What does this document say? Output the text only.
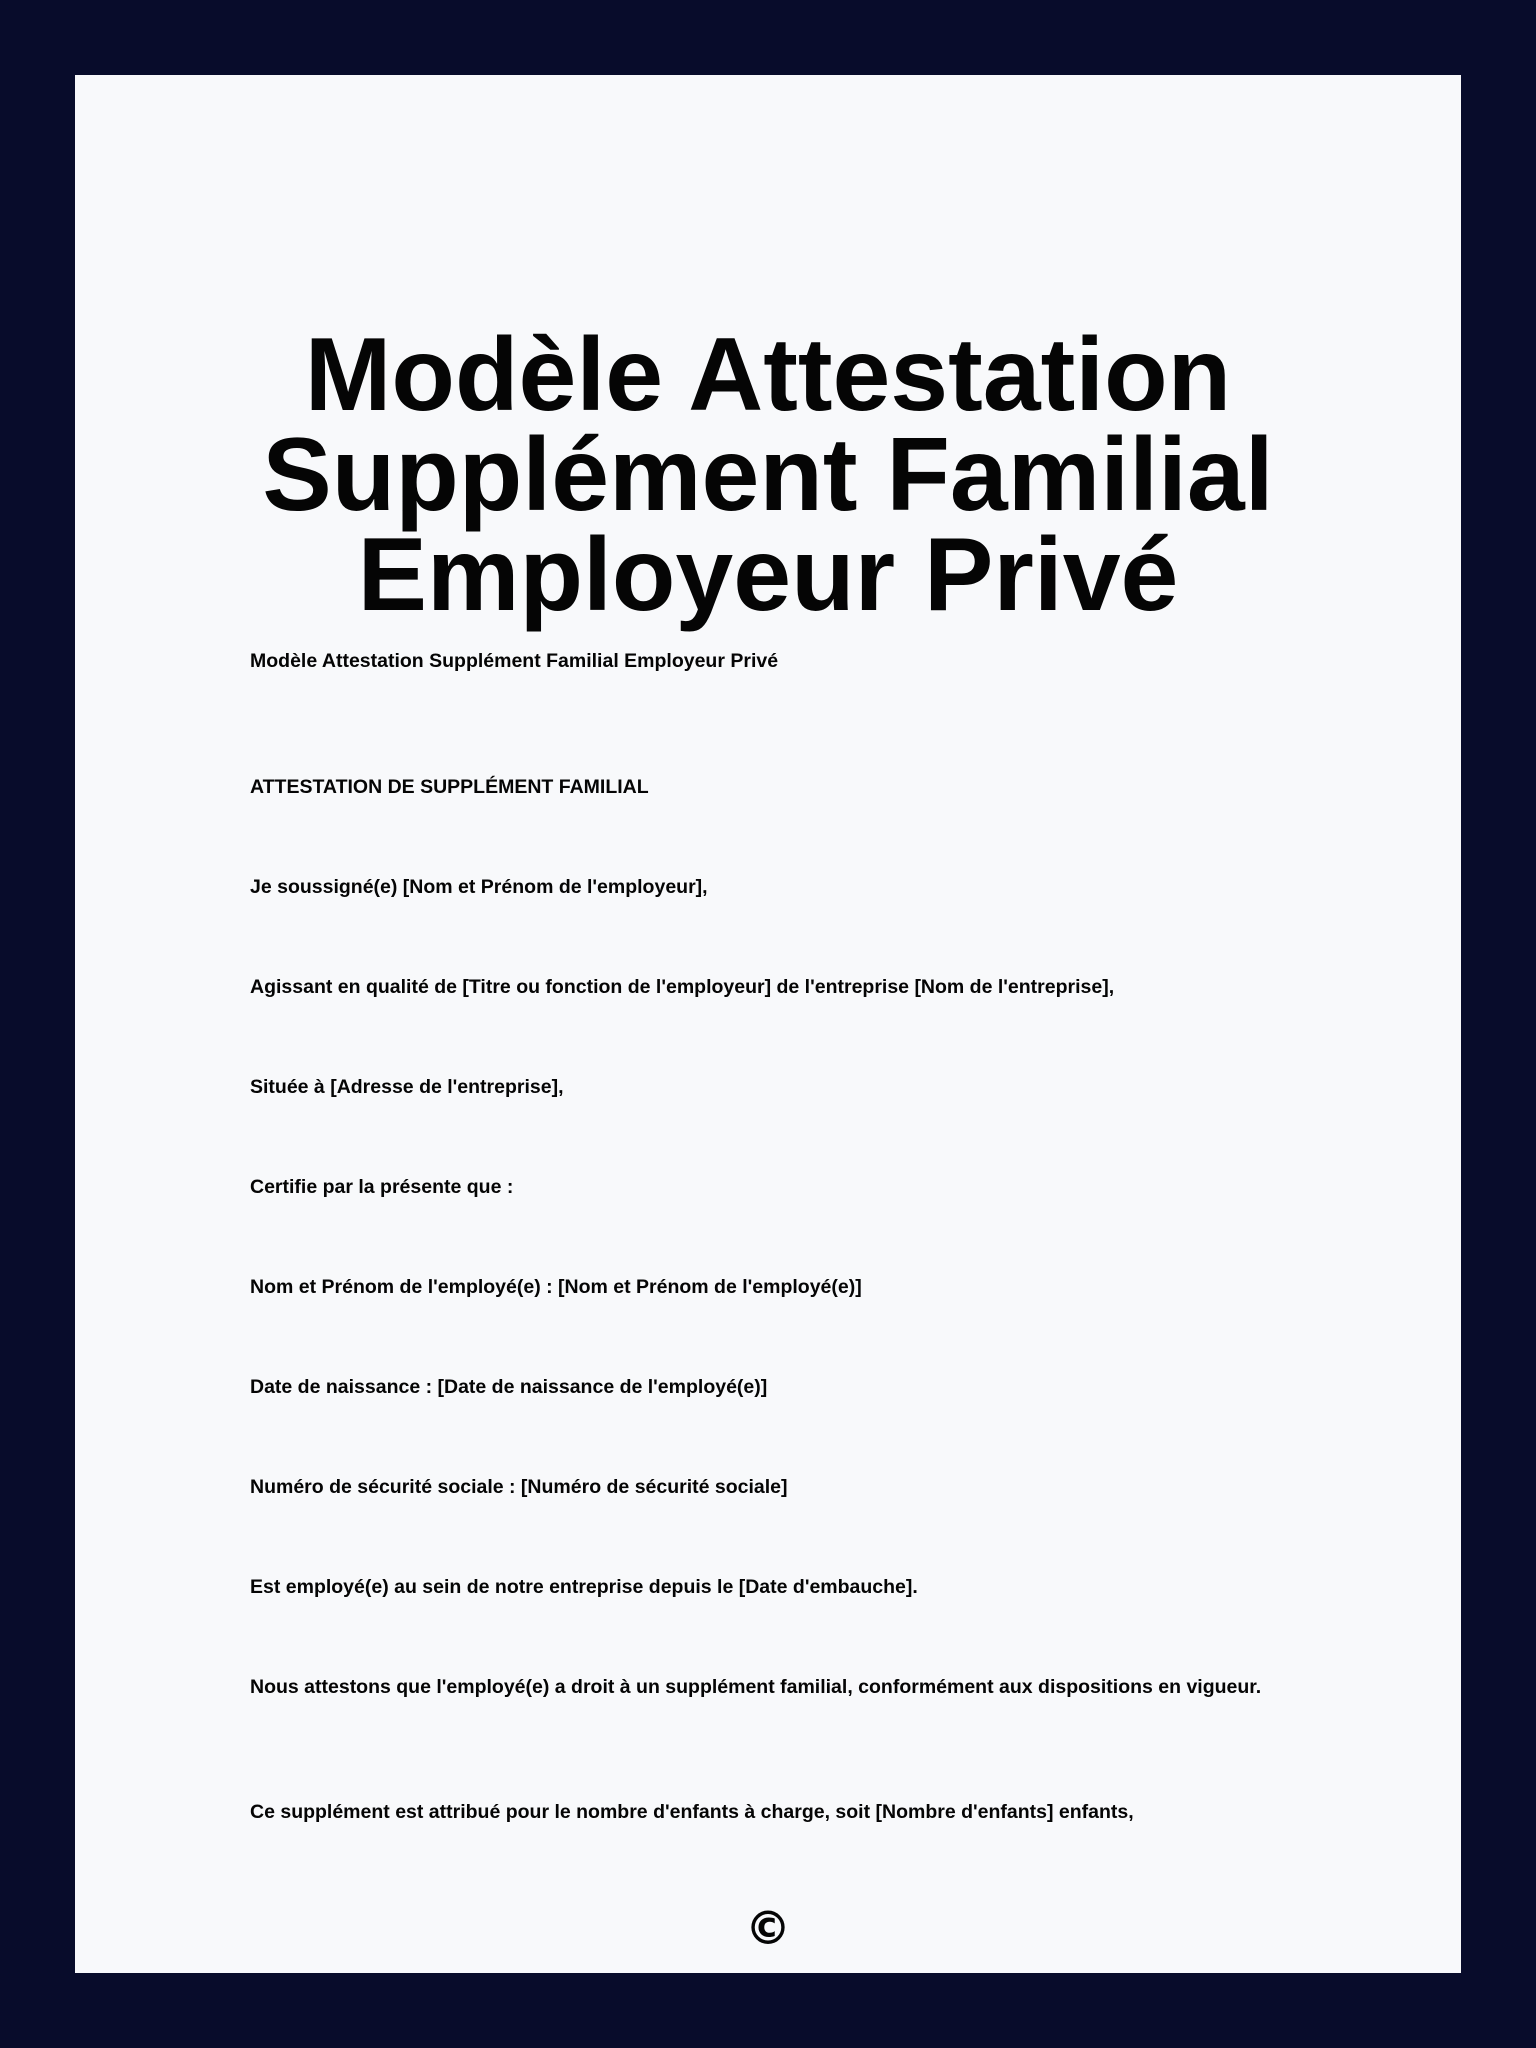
Modèle Attestation
Supplément Familial
Employeur Privé

Modèle Attestation Supplément Familial Employeur Privé

ATTESTATION DE SUPPLÉMENT FAMILIAL

Je soussigné(e) [Nom et Prénom de l'employeur],

Agissant en qualité de [Titre ou fonction de l'employeur] de l'entreprise [Nom de l'entreprise],

Située à [Adresse de l'entreprise],

Certifie par la présente que :

Nom et Prénom de l'employé(e) : [Nom et Prénom de l'employé(e)]

Date de naissance : [Date de naissance de l'employé(e)]

Numéro de sécurité sociale : [Numéro de sécurité sociale]

Est employé(e) au sein de notre entreprise depuis le [Date d'embauche].

Nous attestons que l'employé(e) a droit à un supplément familial, conformément aux dispositions en vigueur.

Ce supplément est attribué pour le nombre d'enfants à charge, soit [Nombre d'enfants] enfants,

©
